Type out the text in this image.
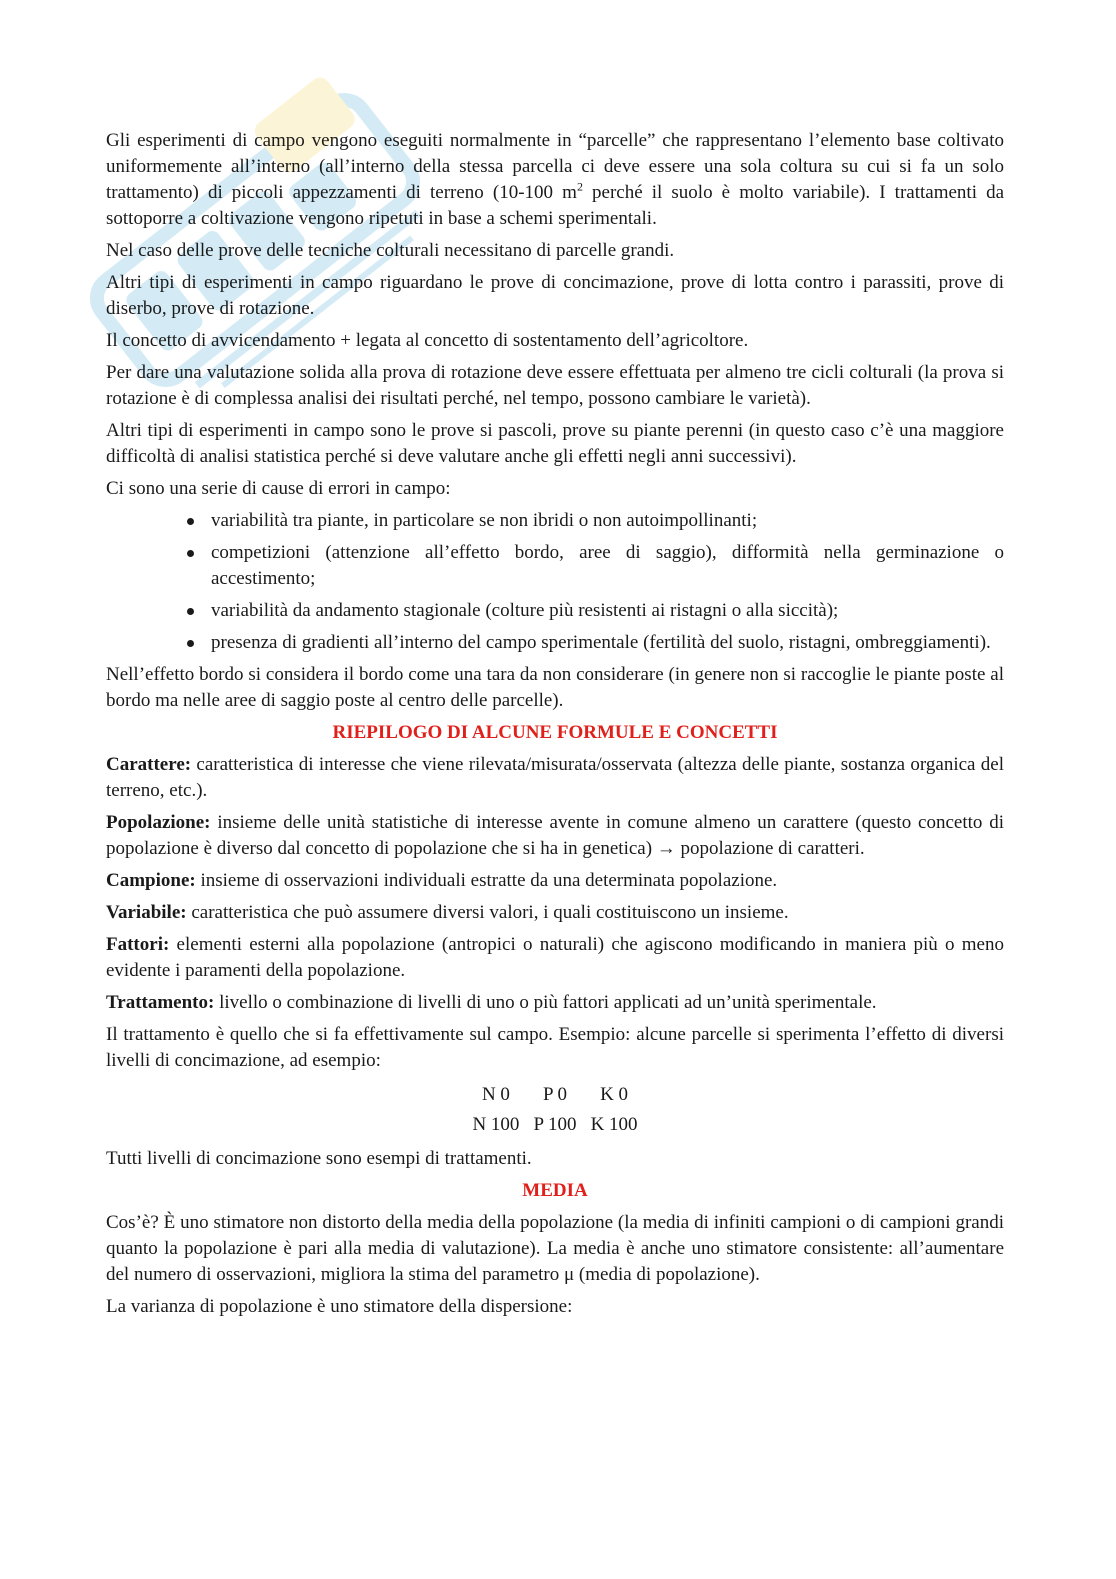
Gli esperimenti di campo vengono eseguiti normalmente in “parcelle” che rappresentano l’elemento base coltivato uniformemente all’interno (all’interno della stessa parcella ci deve essere una sola coltura su cui si fa un solo trattamento) di piccoli appezzamenti di terreno (10-100 $m^2$ perché il suolo è molto variabile). I trattamenti da sottoporre a coltivazione vengono ripetuti in base a schemi sperimentali.

Nel caso delle prove delle tecniche colturali necessitano di parcelle grandi.

Altri tipi di esperimenti in campo riguardano le prove di concimazione, prove di lotta contro i parassiti, prove di diserbo, prove di rotazione.

Il concetto di avvicendamento + legata al concetto di sostentamento dell’agricoltore.

Per dare una valutazione solida alla prova di rotazione deve essere effettuata per almeno tre cicli colturali (la prova si rotazione è di complessa analisi dei risultati perché, nel tempo, possono cambiare le varietà).

Altri tipi di esperimenti in campo sono le prove si pascoli, prove su piante perenni (in questo caso c’è una maggiore difficoltà di analisi statistica perché si deve valutare anche gli effetti negli anni successivi).

Ci sono una serie di cause di errori in campo:

variabilità tra piante, in particolare se non ibridi o non autoimpollinanti;
competizioni (attenzione all’effetto bordo, aree di saggio), difformità nella germinazione o accestimento;
variabilità da andamento stagionale (colture più resistenti ai ristagni o alla siccità);
presenza di gradienti all’interno del campo sperimentale (fertilità del suolo, ristagni, ombreggiamenti).

Nell’effetto bordo si considera il bordo come una tara da non considerare (in genere non si raccoglie le piante poste al bordo ma nelle aree di saggio poste al centro delle parcelle).

RIEPILOGO DI ALCUNE FORMULE E CONCETTI

Carattere: caratteristica di interesse che viene rilevata/misurata/osservata (altezza delle piante, sostanza organica del terreno, etc.).

Popolazione: insieme delle unità statistiche di interesse avente in comune almeno un carattere (questo concetto di popolazione è diverso dal concetto di popolazione che si ha in genetica) → popolazione di caratteri.

Campione: insieme di osservazioni individuali estratte da una determinata popolazione.

Variabile: caratteristica che può assumere diversi valori, i quali costituiscono un insieme.

Fattori: elementi esterni alla popolazione (antropici o naturali) che agiscono modificando in maniera più o meno evidente i paramenti della popolazione.

Trattamento: livello o combinazione di livelli di uno o più fattori applicati ad un’unità sperimentale.

Il trattamento è quello che si fa effettivamente sul campo. Esempio: alcune parcelle si sperimenta l’effetto di diversi livelli di concimazione, ad esempio:

N 0	P 0	K 0
N 100	P 100	K 100

Tutti livelli di concimazione sono esempi di trattamenti.

MEDIA

Cos’è? È uno stimatore non distorto della media della popolazione (la media di infiniti campioni o di campioni grandi quanto la popolazione è pari alla media di valutazione). La media è anche uno stimatore consistente: all’aumentare del numero di osservazioni, migliora la stima del parametro μ (media di popolazione).

La varianza di popolazione è uno stimatore della dispersione:
